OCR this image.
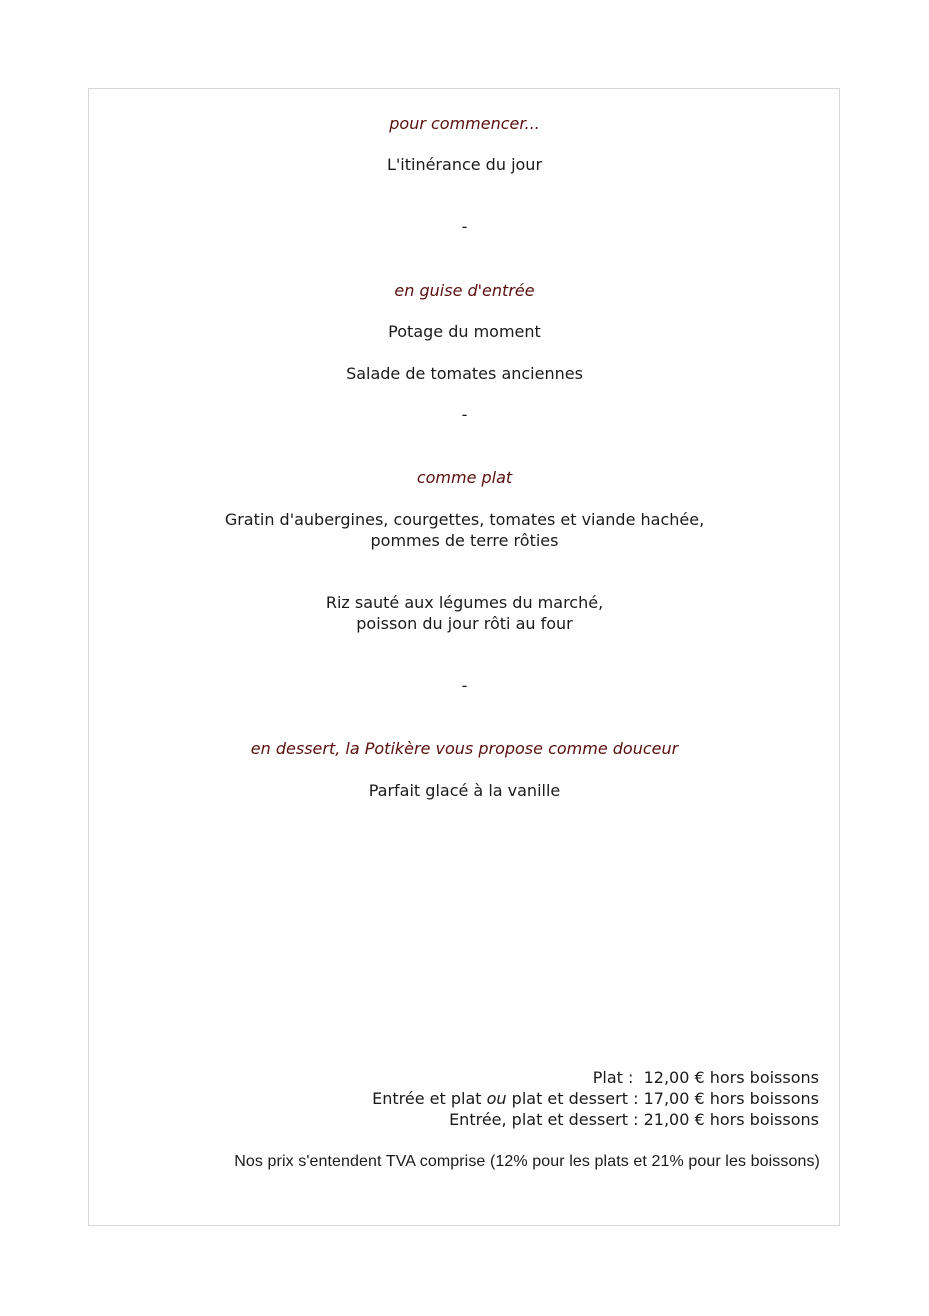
pour commencer...
L'itinérance du jour
-
en guise d'entrée
Potage du moment
Salade de tomates anciennes
-
comme plat
Gratin d'aubergines, courgettes, tomates et viande hachée,
pommes de terre rôties
Riz sauté aux légumes du marché,
poisson du jour rôti au four
-
en dessert, la Potikère vous propose comme douceur
Parfait glacé à la vanille
Plat : 12,00 € hors boissons
Entrée et plat ou plat et dessert : 17,00 € hors boissons
Entrée, plat et dessert : 21,00 € hors boissons
Nos prix s'entendent TVA comprise (12% pour les plats et 21% pour les boissons)
